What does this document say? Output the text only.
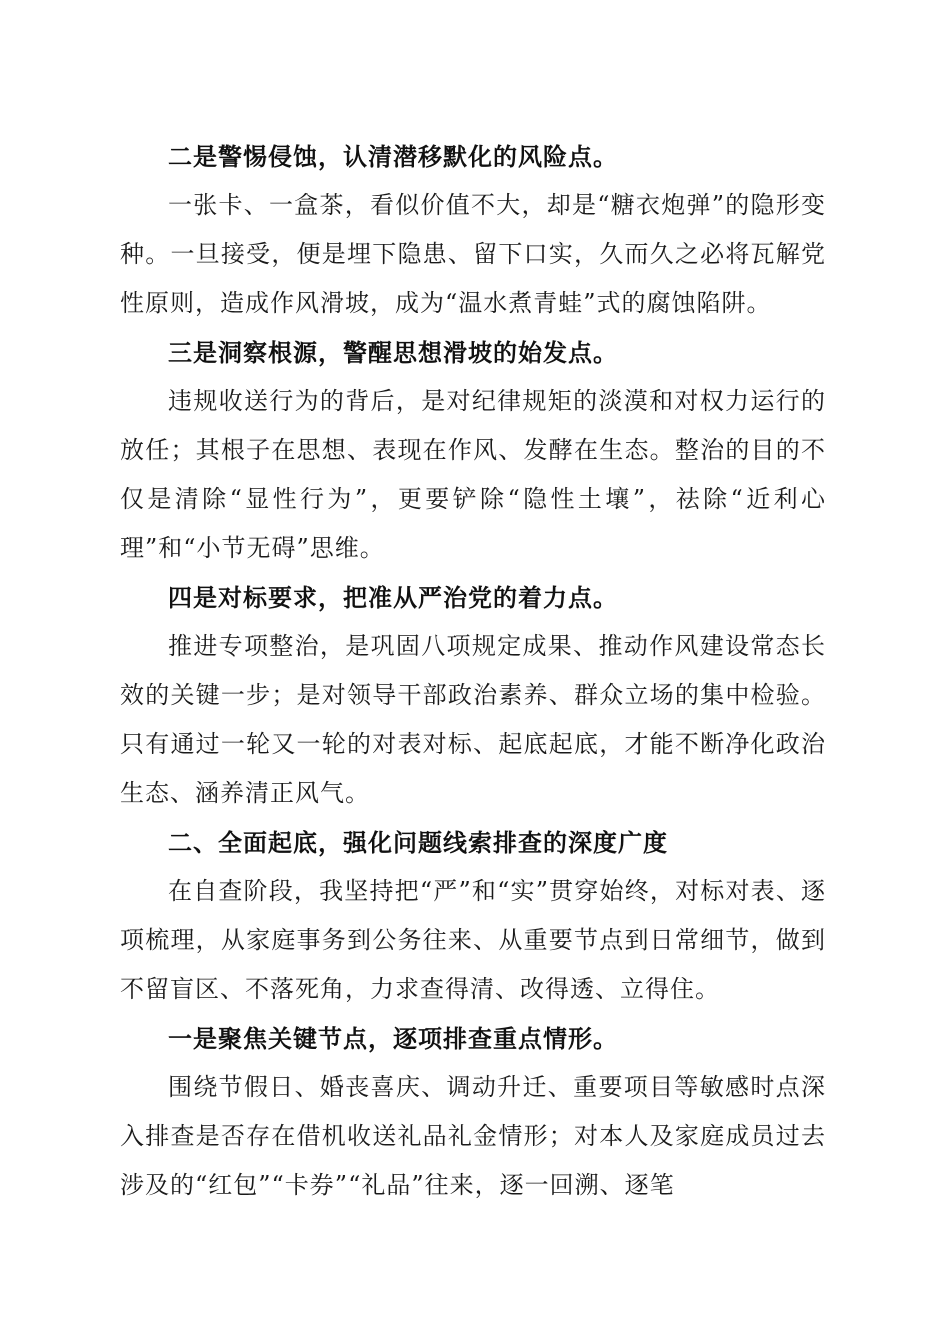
二是警惕侵蚀，认清潜移默化的风险点。

一张卡、一盒茶，看似价值不大，却是“糖衣炮弹”的隐形变种。一旦接受，便是埋下隐患、留下口实，久而久之必将瓦解党性原则，造成作风滑坡，成为“温水煮青蛙”式的腐蚀陷阱。

三是洞察根源，警醒思想滑坡的始发点。

违规收送行为的背后，是对纪律规矩的淡漠和对权力运行的放任；其根子在思想、表现在作风、发酵在生态。整治的目的不仅是清除“显性行为”，更要铲除“隐性土壤”，祛除“近利心理”和“小节无碍”思维。

四是对标要求，把准从严治党的着力点。

推进专项整治，是巩固八项规定成果、推动作风建设常态长效的关键一步；是对领导干部政治素养、群众立场的集中检验。只有通过一轮又一轮的对表对标、起底起底，才能不断净化政治生态、涵养清正风气。

二、全面起底，强化问题线索排查的深度广度

在自查阶段，我坚持把“严”和“实”贯穿始终，对标对表、逐项梳理，从家庭事务到公务往来、从重要节点到日常细节，做到不留盲区、不落死角，力求查得清、改得透、立得住。

一是聚焦关键节点，逐项排查重点情形。

围绕节假日、婚丧喜庆、调动升迁、重要项目等敏感时点深入排查是否存在借机收送礼品礼金情形；对本人及家庭成员过去涉及的“红包”“卡券”“礼品”往来，逐一回溯、逐笔
